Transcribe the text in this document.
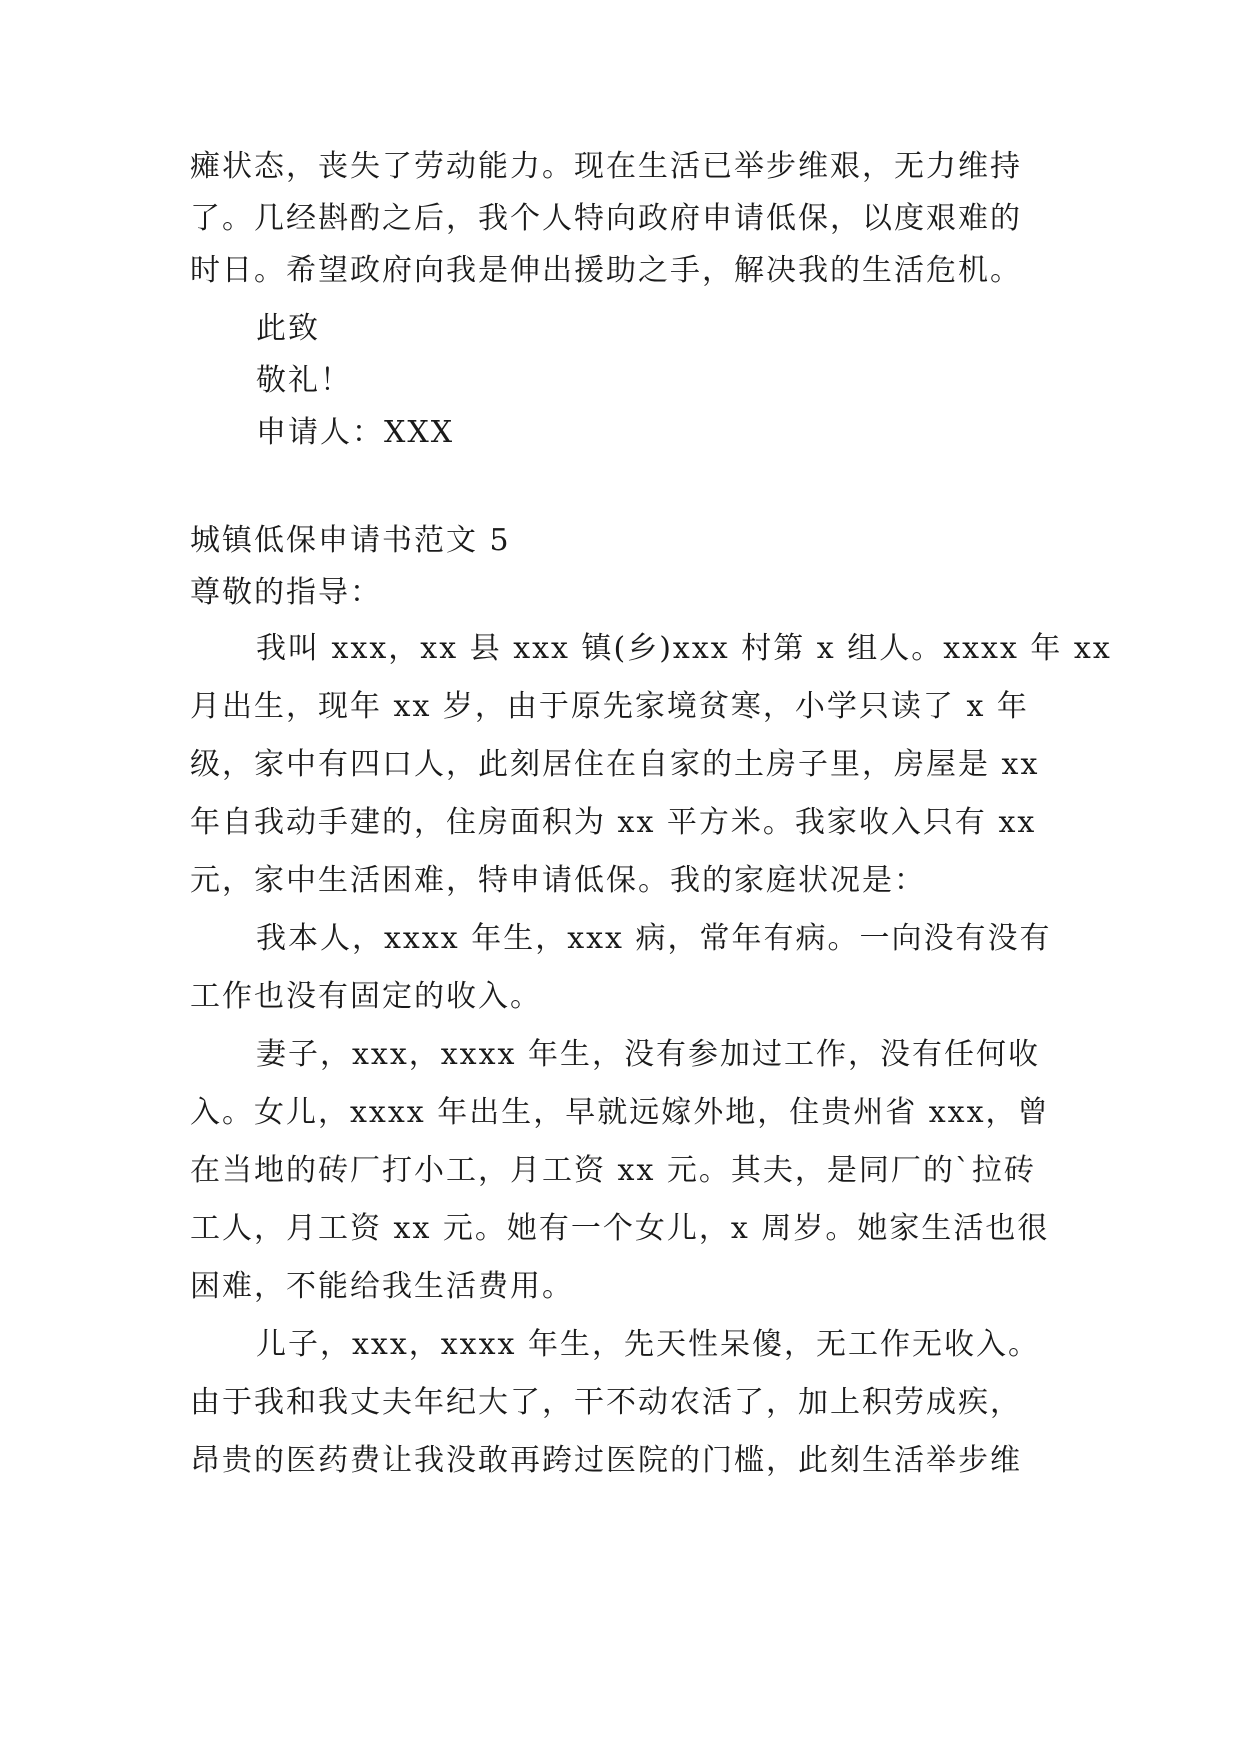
瘫状态，丧失了劳动能力。现在生活已举步维艰，无力维持
了。几经斟酌之后，我个人特向政府申请低保，以度艰难的
时日。希望政府向我是伸出援助之手，解决我的生活危机。
此致
敬礼！
申请人：XXX
城镇低保申请书范文 5
尊敬的指导：
我叫 xxx，xx 县 xxx 镇(乡)xxx 村第 x 组人。xxxx 年 xx
月出生，现年 xx 岁，由于原先家境贫寒，小学只读了 x 年
级，家中有四口人，此刻居住在自家的土房子里，房屋是 xx
年自我动手建的，住房面积为 xx 平方米。我家收入只有 xx
元，家中生活困难，特申请低保。我的家庭状况是：
我本人，xxxx 年生，xxx 病，常年有病。一向没有没有
工作也没有固定的收入。
妻子，xxx，xxxx 年生，没有参加过工作，没有任何收
入。女儿，xxxx 年出生，早就远嫁外地，住贵州省 xxx，曾
在当地的砖厂打小工，月工资 xx 元。其夫，是同厂的`拉砖
工人，月工资 xx 元。她有一个女儿，x 周岁。她家生活也很
困难，不能给我生活费用。
儿子，xxx，xxxx 年生，先天性呆傻，无工作无收入。
由于我和我丈夫年纪大了，干不动农活了，加上积劳成疾，
昂贵的医药费让我没敢再跨过医院的门槛，此刻生活举步维
